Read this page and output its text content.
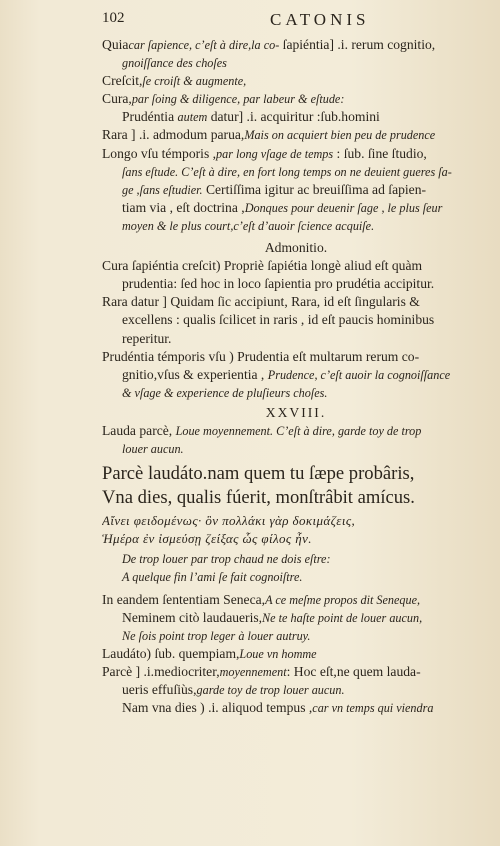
102	CATONIS
Quiacar ſapience, c’eſt à dire,la co- ſapiéntia] .i. rerum cognitio,
gnoiſſance des choſes
Creſcit,ſe croiſt & augmente,
Cura,par ſoing & diligence, par labeur & eſtude:
Prudéntia autem datur] .i. acquiritur :ſub.homini
Rara ] .i. admodum parua,Mais on acquiert bien peu de prudence
Longo vſu témporis ,par long vſage de temps : ſub. ſine ſtudio,
ſans eſtude. C’eſt à dire, en fort long temps on ne deuient gueres ſa-
ge ,ſans eſtudier. Certiſſima igitur ac breuiſſima ad ſapien-
tiam via , eſt doctrina ,Donques pour deuenir ſage , le plus ſeur
moyen & le plus court,c’eſt d’auoir ſcience acquiſe.
Admonitio.
Cura ſapiéntia creſcit) Propriè ſapiétia longè aliud eſt quàm
prudentia: ſed hoc in loco ſapientia pro prudétia accipitur.
Rara datur ] Quidam ſic accipiunt, Rara, id eſt ſingularis &
excellens : qualis ſcilicet in raris , id eſt paucis hominibus
reperitur.
Prudéntia témporis vſu ) Prudentia eſt multarum rerum co-
gnitio,vſus & experientia , Prudence, c’eſt auoir la cognoiſſance
& vſage & experience de pluſieurs choſes.
XXVIII.
Lauda parcè, Loue moyennement. C’eſt à dire, garde toy de trop
louer aucun.
Parcè laudáto.nam quem tu ſæpe probâris,
Vna dies, qualis fúerit, monſtrâbit amícus.
Αἴνει φειδομένως· ὃν πολλάκι γὰρ δοκιμάζεις,
Ἡμέρα ἐν ἰσμεύσῃ ζείξας ὧς φίλος ἦν.
De trop louer par trop chaud ne dois eſtre:
A quelque fin l’ami ſe fait cognoiſtre.
In eandem ſententiam Seneca,A ce meſme propos dit Seneque,
Neminem citò laudaueris,Ne te haſte point de louer aucun,
Ne ſois point trop leger à louer autruy.
Laudáto) ſub. quempiam,Loue vn homme
Parcè ] .i.mediocriter,moyennement: Hoc eſt,ne quem lauda-
ueris effuſiùs,garde toy de trop louer aucun.
Nam vna dies ) .i. aliquod tempus ,car vn temps qui viendra
